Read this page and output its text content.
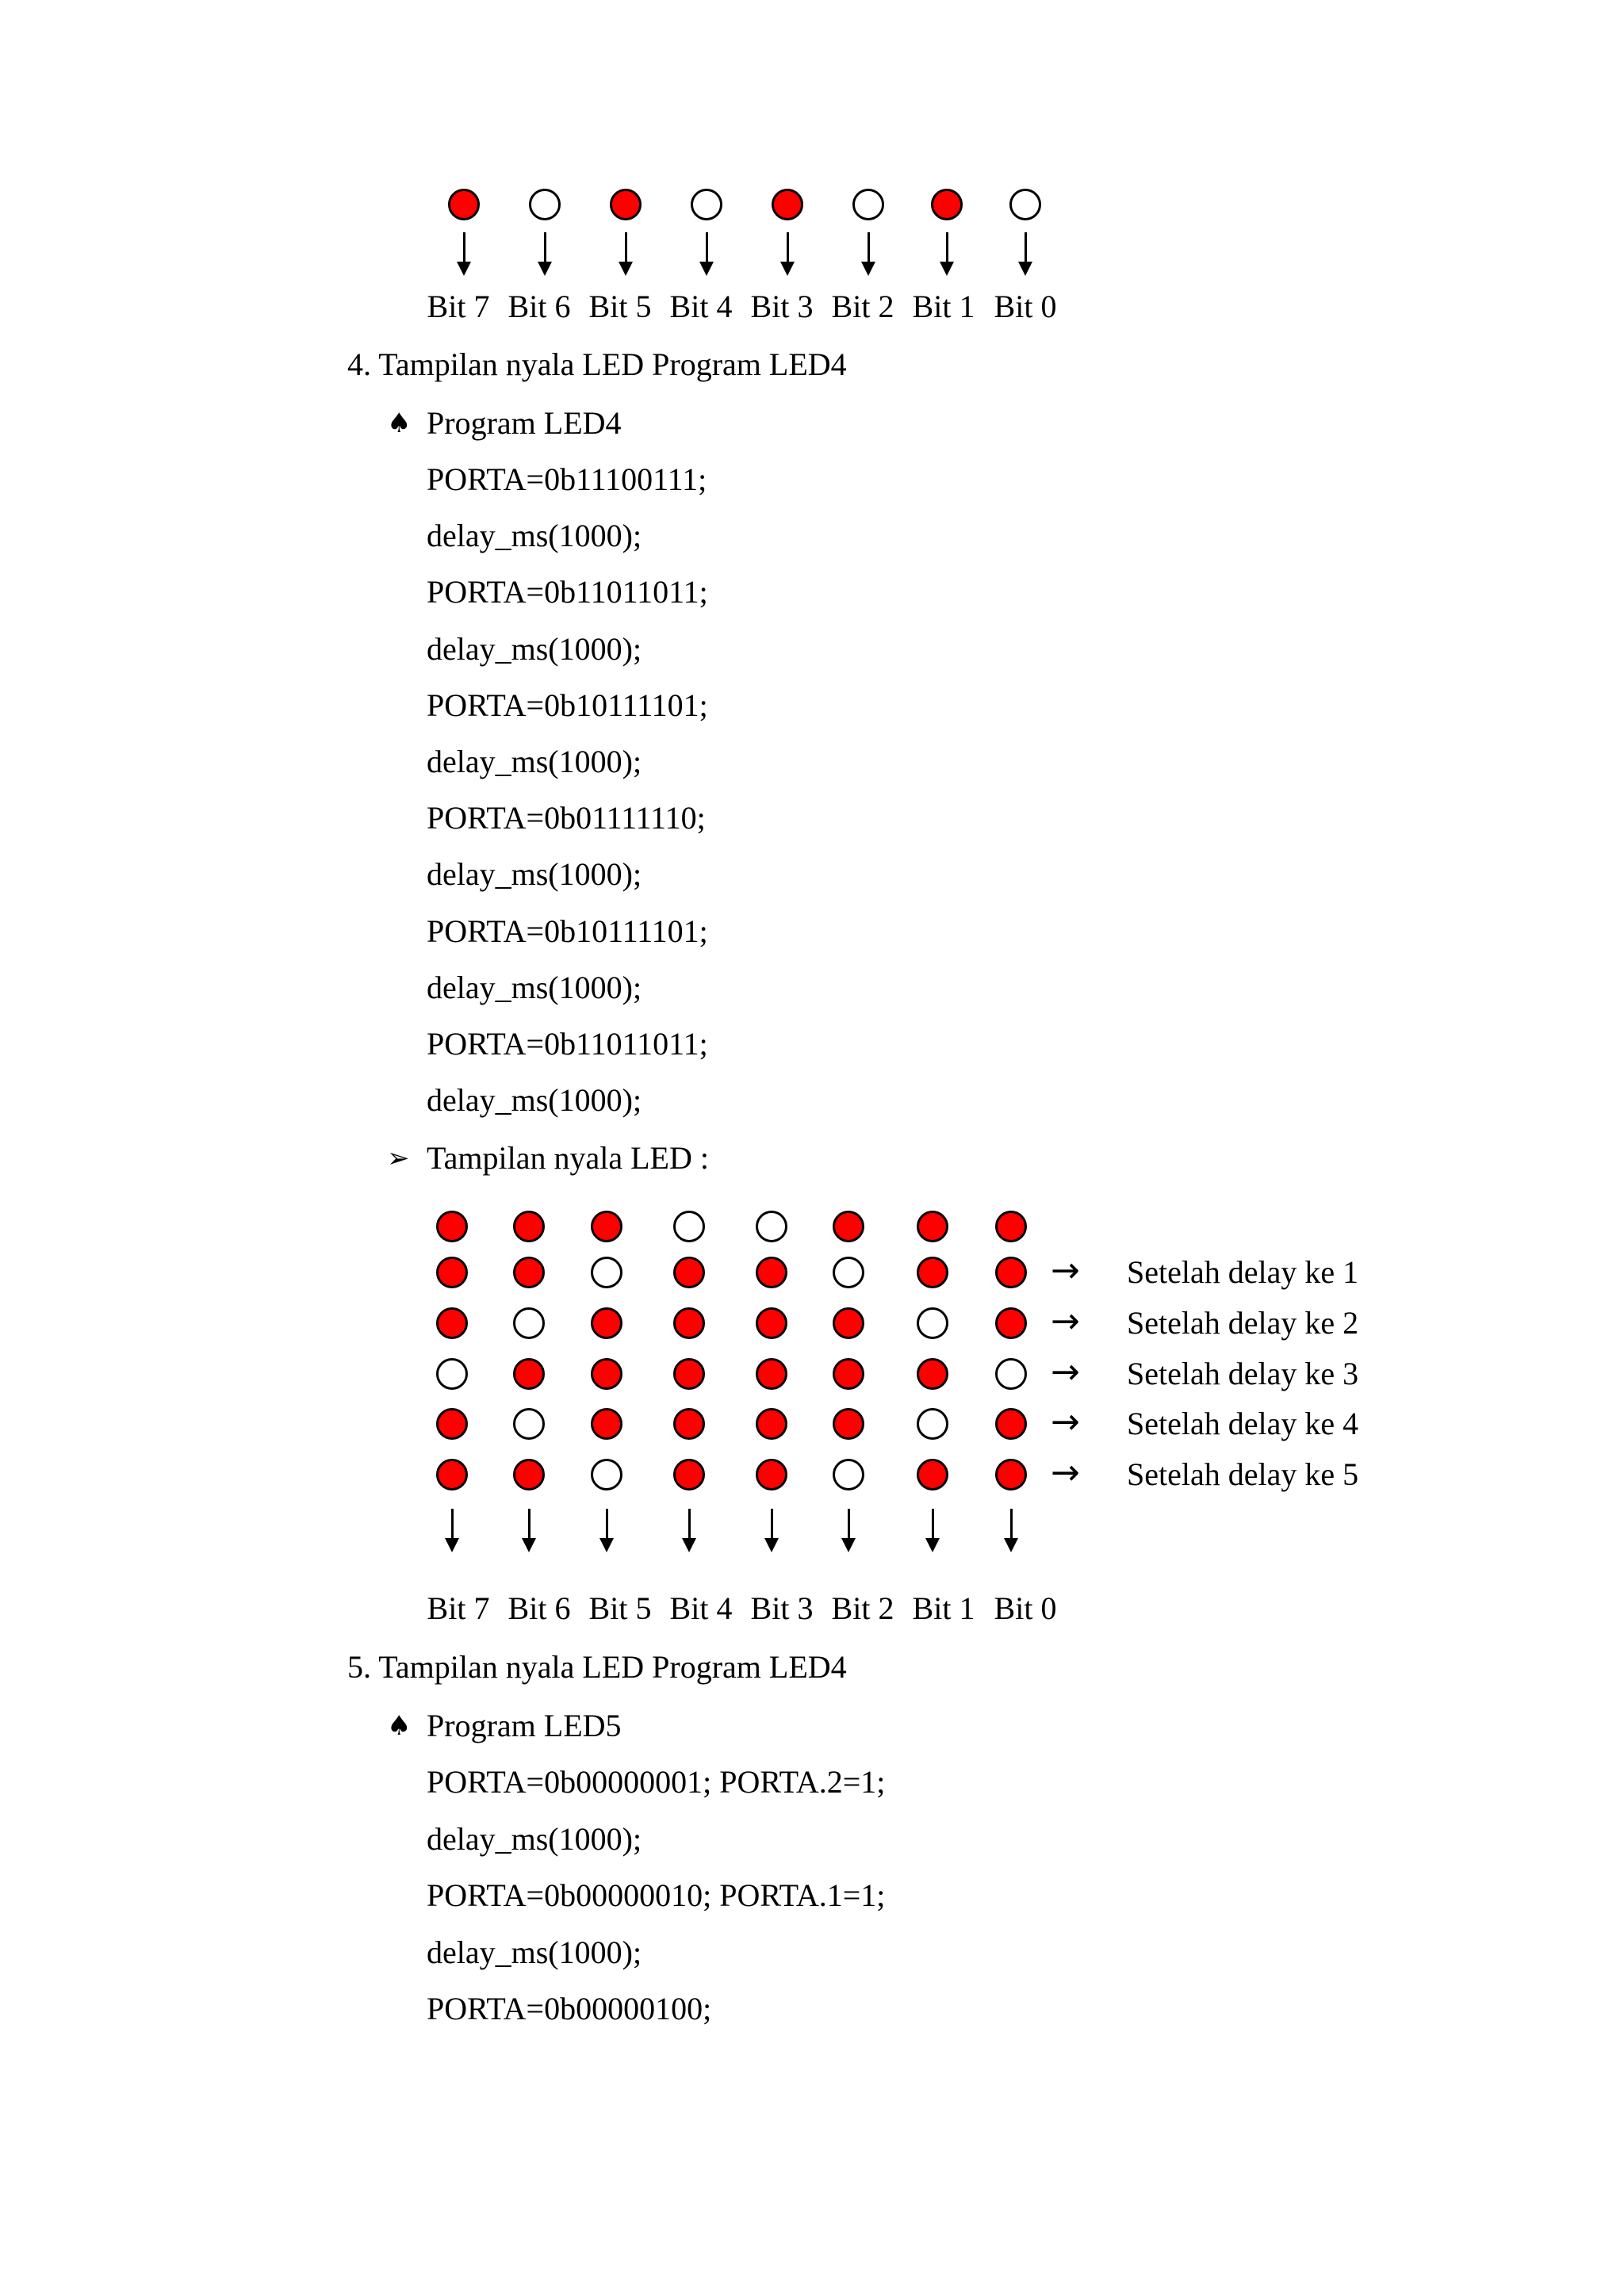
Bit 7 Bit 6 Bit 5 Bit 4 Bit 3 Bit 2 Bit 1 Bit 0
4. Tampilan nyala LED Program LED4
♠ Program LED4
PORTA=0b11100111;
delay_ms(1000);
PORTA=0b11011011;
delay_ms(1000);
PORTA=0b10111101;
delay_ms(1000);
PORTA=0b01111110;
delay_ms(1000);
PORTA=0b10111101;
delay_ms(1000);
PORTA=0b11011011;
delay_ms(1000);
➢ Tampilan nyala LED :
→ Setelah delay ke 1
→ Setelah delay ke 2
→ Setelah delay ke 3
→ Setelah delay ke 4
→ Setelah delay ke 5
Bit 7 Bit 6 Bit 5 Bit 4 Bit 3 Bit 2 Bit 1 Bit 0
5. Tampilan nyala LED Program LED4
♠ Program LED5
PORTA=0b00000001; PORTA.2=1;
delay_ms(1000);
PORTA=0b00000010; PORTA.1=1;
delay_ms(1000);
PORTA=0b00000100;
